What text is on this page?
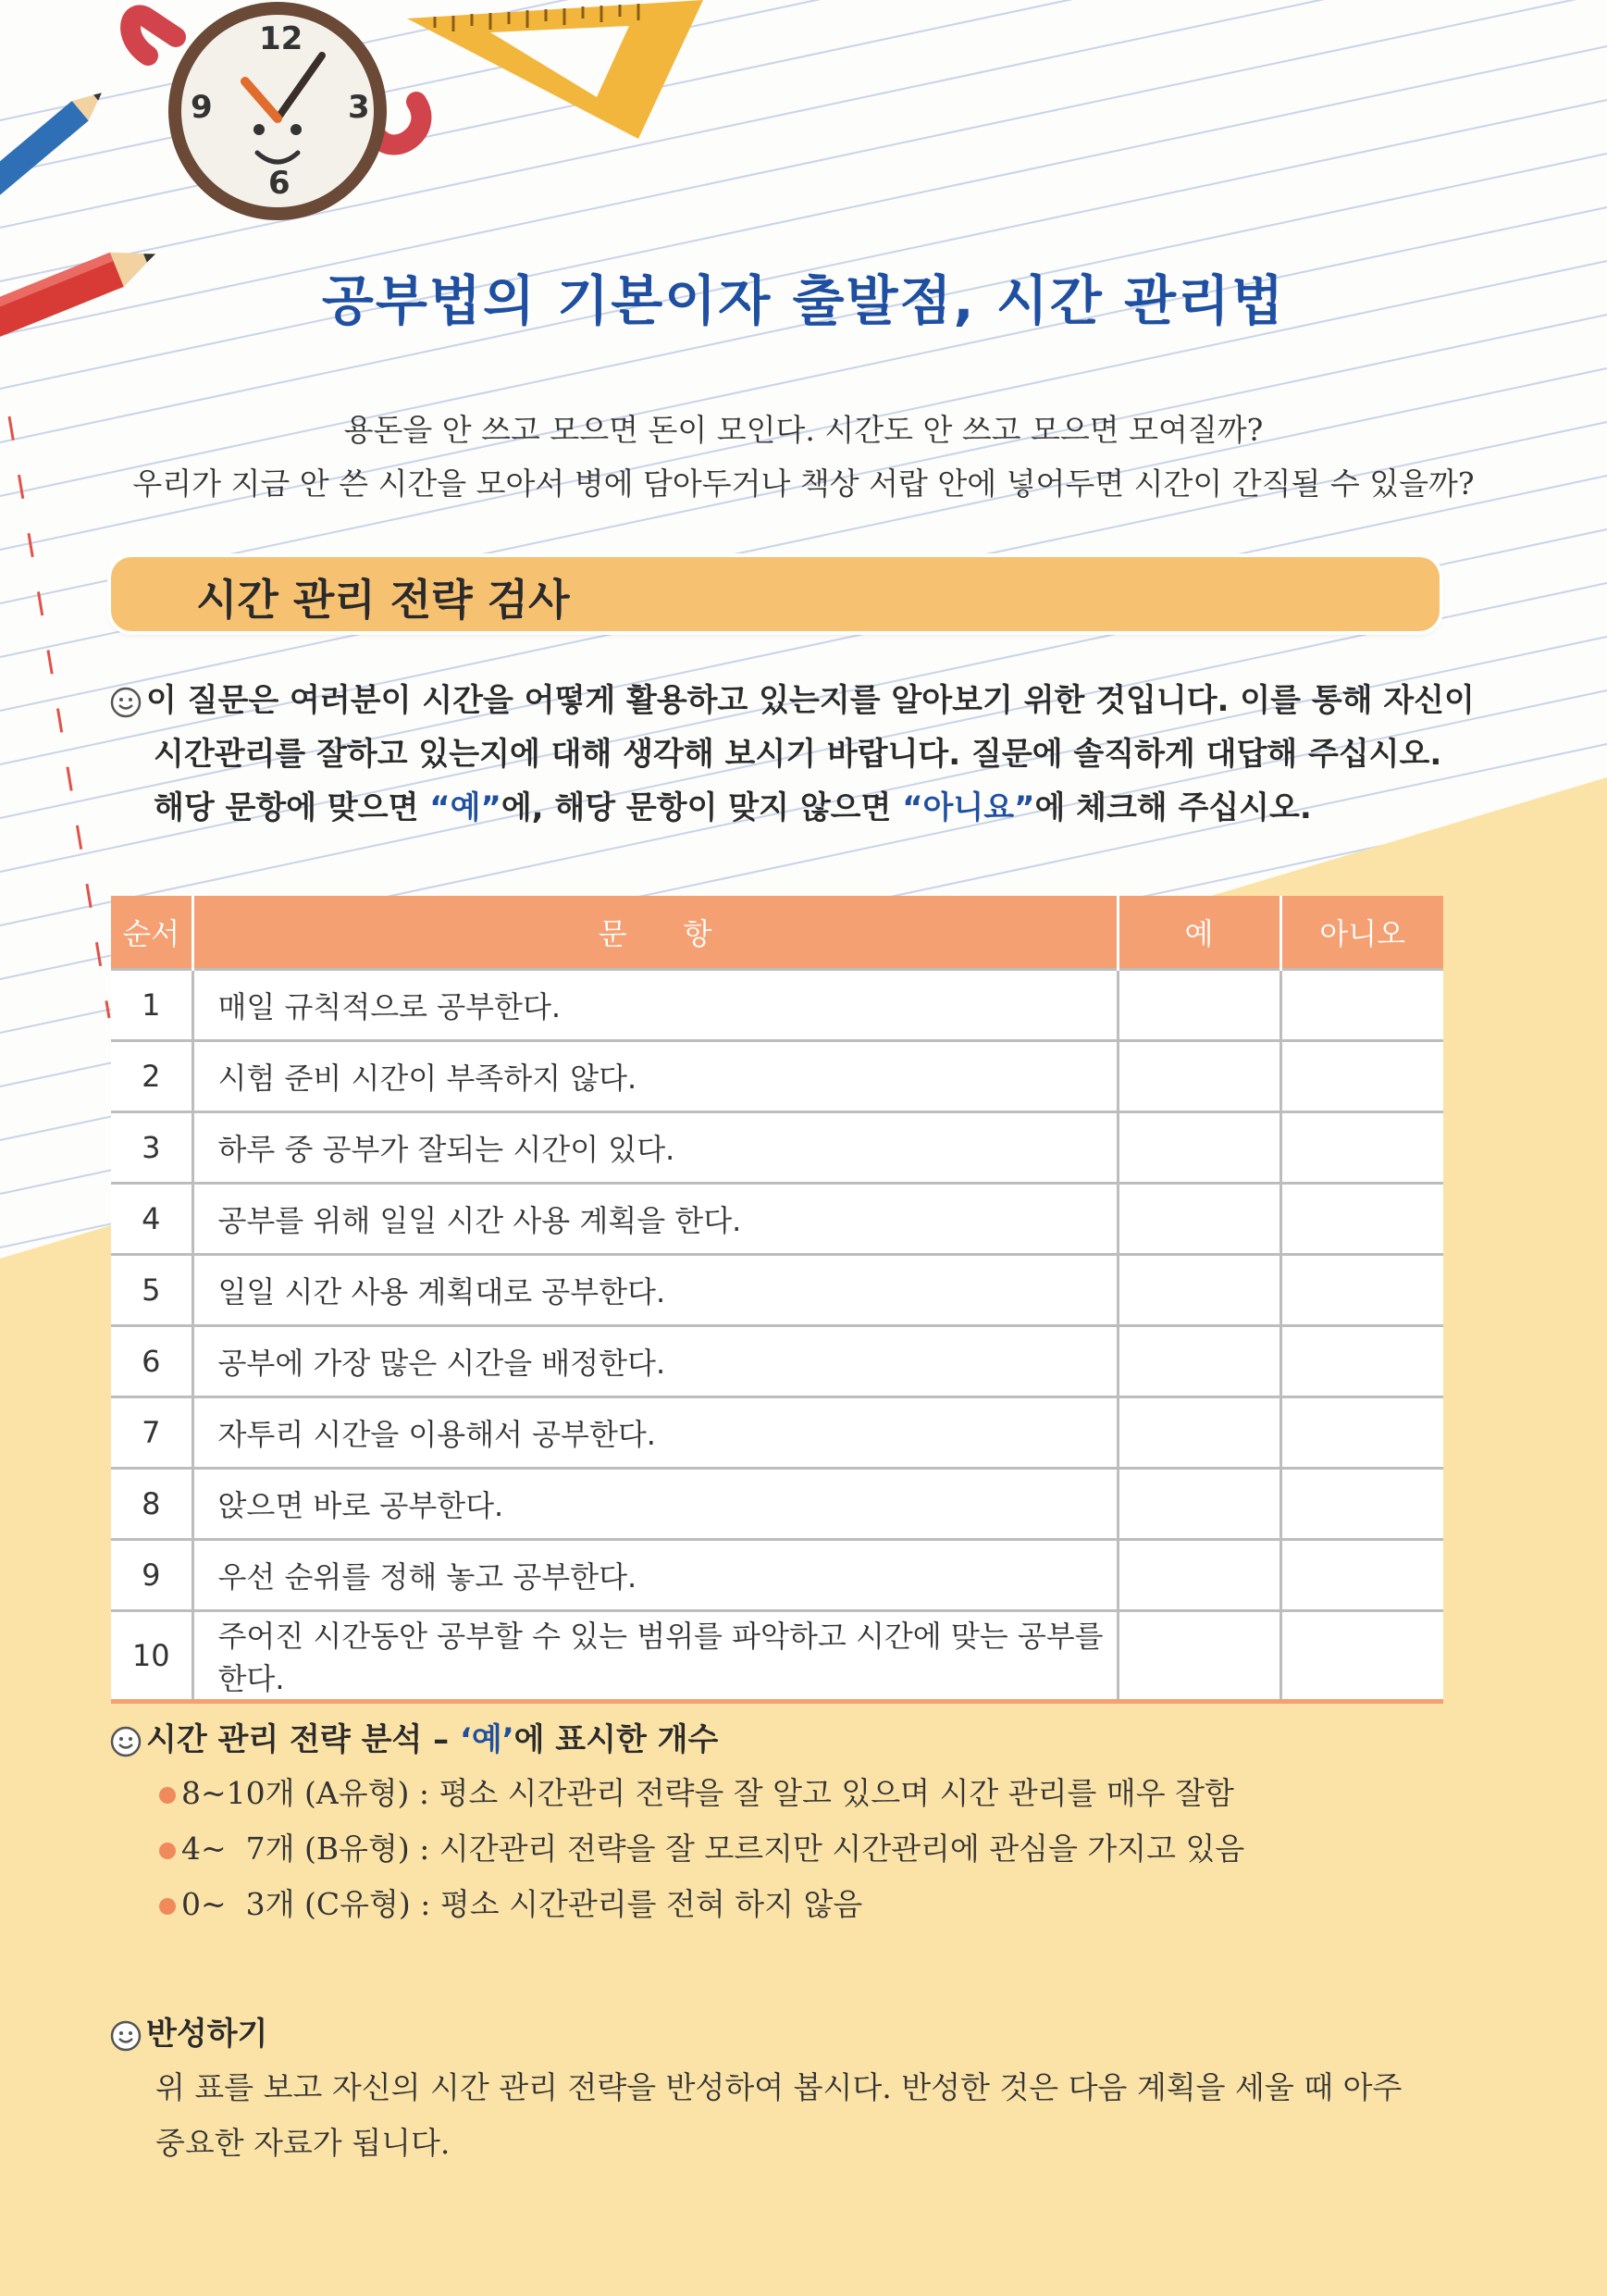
12
3
6
9
공부법의 기본이자 출발점, 시간 관리법
용돈을 안 쓰고 모으면 돈이 모인다. 시간도 안 쓰고 모으면 모여질까?
우리가 지금 안 쓴 시간을 모아서 병에 담아두거나 책상 서랍 안에 넣어두면 시간이 간직될 수 있을까?
시간 관리 전략 검사
이 질문은 여러분이 시간을 어떻게 활용하고 있는지를 알아보기 위한 것입니다. 이를 통해 자신이
시간관리를 잘하고 있는지에 대해 생각해 보시기 바랍니다. 질문에 솔직하게 대답해 주십시오.
해당 문항에 맞으면 “예”에, 해당 문항이 맞지 않으면 “아니요”에 체크해 주십시오.
순서	문      항	예	아니오
1	매일 규칙적으로 공부한다.		
2	시험 준비 시간이 부족하지 않다.		
3	하루 중 공부가 잘되는 시간이 있다.		
4	공부를 위해 일일 시간 사용 계획을 한다.		
5	일일 시간 사용 계획대로 공부한다.		
6	공부에 가장 많은 시간을 배정한다.		
7	자투리 시간을 이용해서 공부한다.		
8	앉으면 바로 공부한다.		
9	우선 순위를 정해 놓고 공부한다.		
10	주어진 시간동안 공부할 수 있는 범위를 파악하고 시간에 맞는 공부를 한다.		
시간 관리 전략 분석 – ‘예’에 표시한 개수
8~10개 (A유형) : 평소 시간관리 전략을 잘 알고 있으며 시간 관리를 매우 잘함
4~  7개 (B유형) : 시간관리 전략을 잘 모르지만 시간관리에 관심을 가지고 있음
0~  3개 (C유형) : 평소 시간관리를 전혀 하지 않음
반성하기
위 표를 보고 자신의 시간 관리 전략을 반성하여 봅시다. 반성한 것은 다음 계획을 세울 때 아주
중요한 자료가 됩니다.
